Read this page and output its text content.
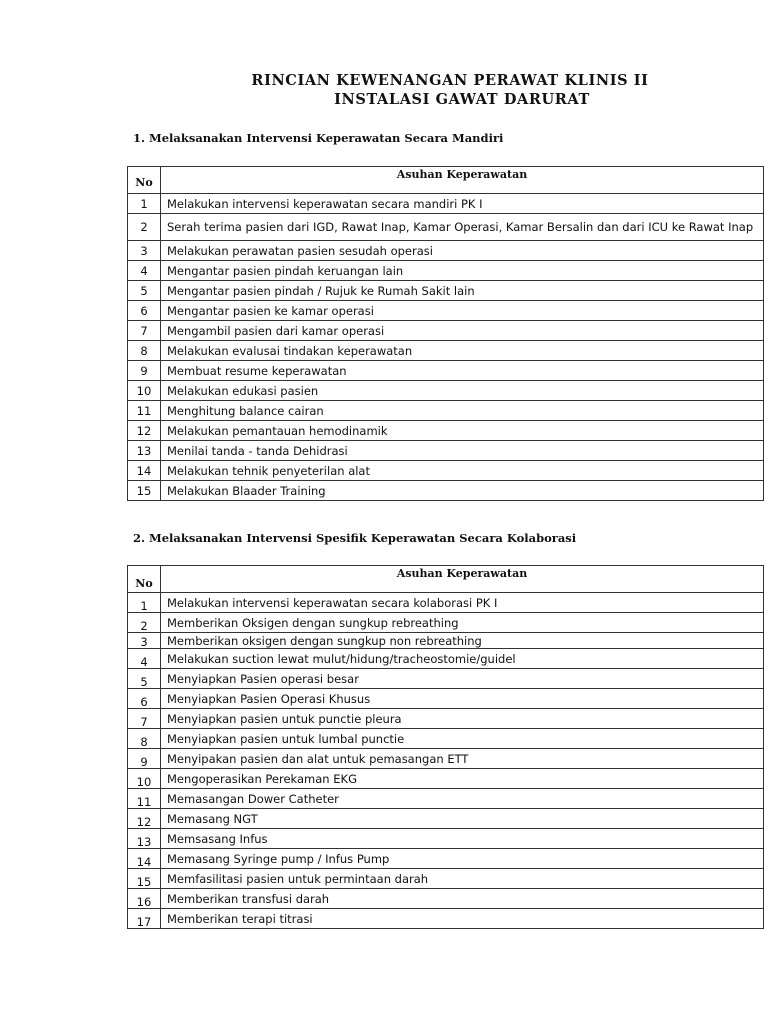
RINCIAN KEWENANGAN PERAWAT KLINIS II
INSTALASI GAWAT DARURAT

1. Melaksanakan Intervensi Keperawatan Secara Mandiri

No	Asuhan Keperawatan
1	Melakukan intervensi keperawatan secara mandiri PK I
2	Serah terima pasien dari IGD, Rawat Inap, Kamar Operasi, Kamar Bersalin dan dari ICU ke Rawat Inap
3	Melakukan perawatan pasien sesudah operasi
4	Mengantar pasien pindah keruangan lain
5	Mengantar pasien pindah / Rujuk ke Rumah Sakit lain
6	Mengantar pasien ke kamar operasi
7	Mengambil pasien dari kamar operasi
8	Melakukan evalusai tindakan keperawatan
9	Membuat resume keperawatan
10	Melakukan edukasi pasien
11	Menghitung balance cairan
12	Melakukan pemantauan hemodinamik
13	Menilai tanda - tanda Dehidrasi
14	Melakukan tehnik penyeterilan alat
15	Melakukan Blaader Training

2. Melaksanakan Intervensi Spesifik Keperawatan Secara Kolaborasi

No	Asuhan Keperawatan
1	Melakukan intervensi keperawatan secara kolaborasi PK I
2	Memberikan Oksigen dengan sungkup rebreathing
3	Memberikan oksigen dengan sungkup non rebreathing
4	Melakukan suction lewat mulut/hidung/tracheostomie/guidel
5	Menyiapkan Pasien operasi besar
6	Menyiapkan Pasien Operasi Khusus
7	Menyiapkan pasien untuk punctie pleura
8	Menyiapkan pasien untuk lumbal punctie
9	Menyipakan pasien dan alat untuk pemasangan ETT
10	Mengoperasikan Perekaman EKG
11	Memasangan Dower Catheter
12	Memasang NGT
13	Memsasang Infus
14	Memasang Syringe pump / Infus Pump
15	Memfasilitasi pasien untuk permintaan darah
16	Memberikan transfusi darah
17	Memberikan terapi titrasi
